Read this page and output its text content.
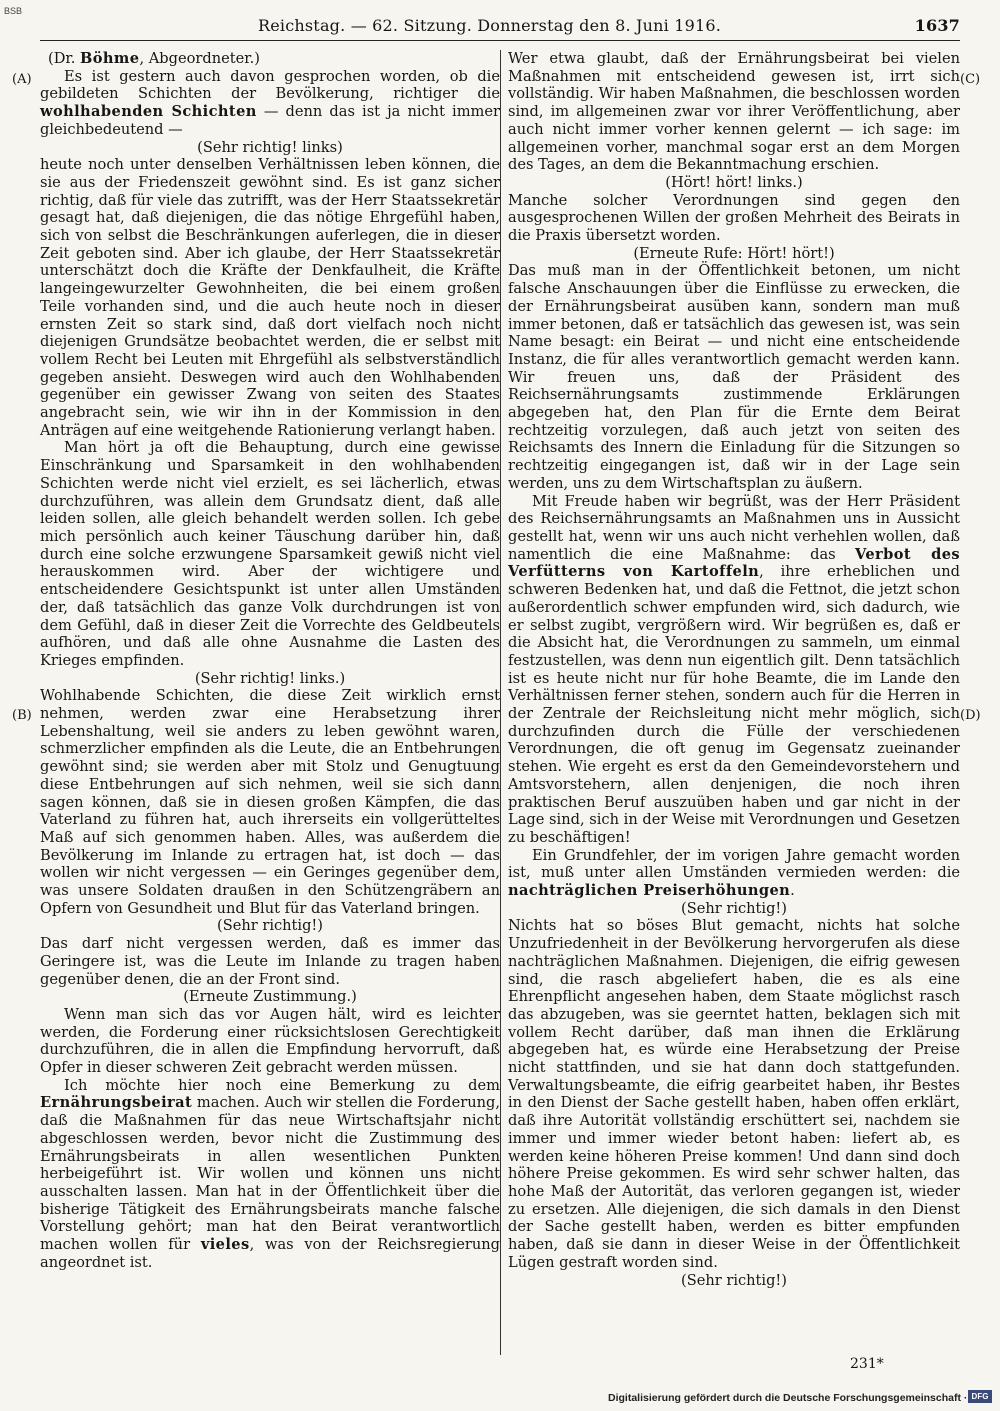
BSB
Reichstag. — 62. Sitzung. Donnerstag den 8. Juni 1916.	1637
(A)
(B)
(C)
(D)

(Dr. Böhme, Abgeordneter.)

Es ist gestern auch davon gesprochen worden, ob die gebildeten Schichten der Bevölkerung, richtiger die wohlhabenden Schichten — denn das ist ja nicht immer gleichbedeutend —

(Sehr richtig! links)

heute noch unter denselben Verhältnissen leben können, die sie aus der Friedenszeit gewöhnt sind. Es ist ganz sicher richtig, daß für viele das zutrifft, was der Herr Staatssekretär gesagt hat, daß diejenigen, die das nötige Ehrgefühl haben, sich von selbst die Beschränkungen auferlegen, die in dieser Zeit geboten sind. Aber ich glaube, der Herr Staatssekretär unterschätzt doch die Kräfte der Denkfaulheit, die Kräfte langeingewurzelter Gewohnheiten, die bei einem großen Teile vorhanden sind, und die auch heute noch in dieser ernsten Zeit so stark sind, daß dort vielfach noch nicht diejenigen Grundsätze beobachtet werden, die er selbst mit vollem Recht bei Leuten mit Ehrgefühl als selbstverständlich gegeben ansieht. Deswegen wird auch den Wohlhabenden gegenüber ein gewisser Zwang von seiten des Staates angebracht sein, wie wir ihn in der Kommission in den Anträgen auf eine weitgehende Rationierung verlangt haben.

Man hört ja oft die Behauptung, durch eine gewisse Einschränkung und Sparsamkeit in den wohlhabenden Schichten werde nicht viel erzielt, es sei lächerlich, etwas durchzuführen, was allein dem Grundsatz dient, daß alle leiden sollen, alle gleich behandelt werden sollen. Ich gebe mich persönlich auch keiner Täuschung darüber hin, daß durch eine solche erzwungene Sparsamkeit gewiß nicht viel herauskommen wird. Aber der wichtigere und entscheidendere Gesichtspunkt ist unter allen Umständen der, daß tatsächlich das ganze Volk durchdrungen ist von dem Gefühl, daß in dieser Zeit die Vorrechte des Geldbeutels aufhören, und daß alle ohne Ausnahme die Lasten des Krieges empfinden.

(Sehr richtig! links.)

Wohlhabende Schichten, die diese Zeit wirklich ernst nehmen, werden zwar eine Herabsetzung ihrer Lebenshaltung, weil sie anders zu leben gewöhnt waren, schmerzlicher empfinden als die Leute, die an Entbehrungen gewöhnt sind; sie werden aber mit Stolz und Genugtuung diese Entbehrungen auf sich nehmen, weil sie sich dann sagen können, daß sie in diesen großen Kämpfen, die das Vaterland zu führen hat, auch ihrerseits ein vollgerütteltes Maß auf sich genommen haben. Alles, was außerdem die Bevölkerung im Inlande zu ertragen hat, ist doch — das wollen wir nicht vergessen — ein Geringes gegenüber dem, was unsere Soldaten draußen in den Schützengräbern an Opfern von Gesundheit und Blut für das Vaterland bringen.

(Sehr richtig!)

Das darf nicht vergessen werden, daß es immer das Geringere ist, was die Leute im Inlande zu tragen haben gegenüber denen, die an der Front sind.

(Erneute Zustimmung.)

Wenn man sich das vor Augen hält, wird es leichter werden, die Forderung einer rücksichtslosen Gerechtigkeit durchzuführen, die in allen die Empfindung hervorruft, daß Opfer in dieser schweren Zeit gebracht werden müssen.

Ich möchte hier noch eine Bemerkung zu dem Ernährungsbeirat machen. Auch wir stellen die Forderung, daß die Maßnahmen für das neue Wirtschaftsjahr nicht abgeschlossen werden, bevor nicht die Zustimmung des Ernährungsbeirats in allen wesentlichen Punkten herbeigeführt ist. Wir wollen und können uns nicht ausschalten lassen. Man hat in der Öffentlichkeit über die bisherige Tätigkeit des Ernährungsbeirats manche falsche Vorstellung gehört; man hat den Beirat verantwortlich machen wollen für vieles, was von der Reichsregierung angeordnet ist.

Wer etwa glaubt, daß der Ernährungsbeirat bei vielen Maßnahmen mit entscheidend gewesen ist, irrt sich vollständig. Wir haben Maßnahmen, die beschlossen worden sind, im allgemeinen zwar vor ihrer Veröffentlichung, aber auch nicht immer vorher kennen gelernt — ich sage: im allgemeinen vorher, manchmal sogar erst an dem Morgen des Tages, an dem die Bekanntmachung erschien.

(Hört! hört! links.)

Manche solcher Verordnungen sind gegen den ausgesprochenen Willen der großen Mehrheit des Beirats in die Praxis übersetzt worden.

(Erneute Rufe: Hört! hört!)

Das muß man in der Öffentlichkeit betonen, um nicht falsche Anschauungen über die Einflüsse zu erwecken, die der Ernährungsbeirat ausüben kann, sondern man muß immer betonen, daß er tatsächlich das gewesen ist, was sein Name besagt: ein Beirat — und nicht eine entscheidende Instanz, die für alles verantwortlich gemacht werden kann. Wir freuen uns, daß der Präsident des Reichsernährungsamts zustimmende Erklärungen abgegeben hat, den Plan für die Ernte dem Beirat rechtzeitig vorzulegen, daß auch jetzt von seiten des Reichsamts des Innern die Einladung für die Sitzungen so rechtzeitig eingegangen ist, daß wir in der Lage sein werden, uns zu dem Wirtschaftsplan zu äußern.

Mit Freude haben wir begrüßt, was der Herr Präsident des Reichsernährungsamts an Maßnahmen uns in Aussicht gestellt hat, wenn wir uns auch nicht verhehlen wollen, daß namentlich die eine Maßnahme: das Verbot des Verfütterns von Kartoffeln, ihre erheblichen und schweren Bedenken hat, und daß die Fettnot, die jetzt schon außerordentlich schwer empfunden wird, sich dadurch, wie er selbst zugibt, vergrößern wird. Wir begrüßen es, daß er die Absicht hat, die Verordnungen zu sammeln, um einmal festzustellen, was denn nun eigentlich gilt. Denn tatsächlich ist es heute nicht nur für hohe Beamte, die im Lande den Verhältnissen ferner stehen, sondern auch für die Herren in der Zentrale der Reichsleitung nicht mehr möglich, sich durchzufinden durch die Fülle der verschiedenen Verordnungen, die oft genug im Gegensatz zueinander stehen. Wie ergeht es erst da den Gemeindevorstehern und Amtsvorstehern, allen denjenigen, die noch ihren praktischen Beruf auszuüben haben und gar nicht in der Lage sind, sich in der Weise mit Verordnungen und Gesetzen zu beschäftigen!

Ein Grundfehler, der im vorigen Jahre gemacht worden ist, muß unter allen Umständen vermieden werden: die nachträglichen Preiserhöhungen.

(Sehr richtig!)

Nichts hat so böses Blut gemacht, nichts hat solche Unzufriedenheit in der Bevölkerung hervorgerufen als diese nachträglichen Maßnahmen. Diejenigen, die eifrig gewesen sind, die rasch abgeliefert haben, die es als eine Ehrenpflicht angesehen haben, dem Staate möglichst rasch das abzugeben, was sie geerntet hatten, beklagen sich mit vollem Recht darüber, daß man ihnen die Erklärung abgegeben hat, es würde eine Herabsetzung der Preise nicht stattfinden, und sie hat dann doch stattgefunden. Verwaltungsbeamte, die eifrig gearbeitet haben, ihr Bestes in den Dienst der Sache gestellt haben, haben offen erklärt, daß ihre Autorität vollständig erschüttert sei, nachdem sie immer und immer wieder betont haben: liefert ab, es werden keine höheren Preise kommen! Und dann sind doch höhere Preise gekommen. Es wird sehr schwer halten, das hohe Maß der Autorität, das verloren gegangen ist, wieder zu ersetzen. Alle diejenigen, die sich damals in den Dienst der Sache gestellt haben, werden es bitter empfunden haben, daß sie dann in dieser Weise in der Öffentlichkeit Lügen gestraft worden sind.

(Sehr richtig!)

231*
Digitalisierung gefördert durch die Deutsche Forschungsgemeinschaft · DFG
